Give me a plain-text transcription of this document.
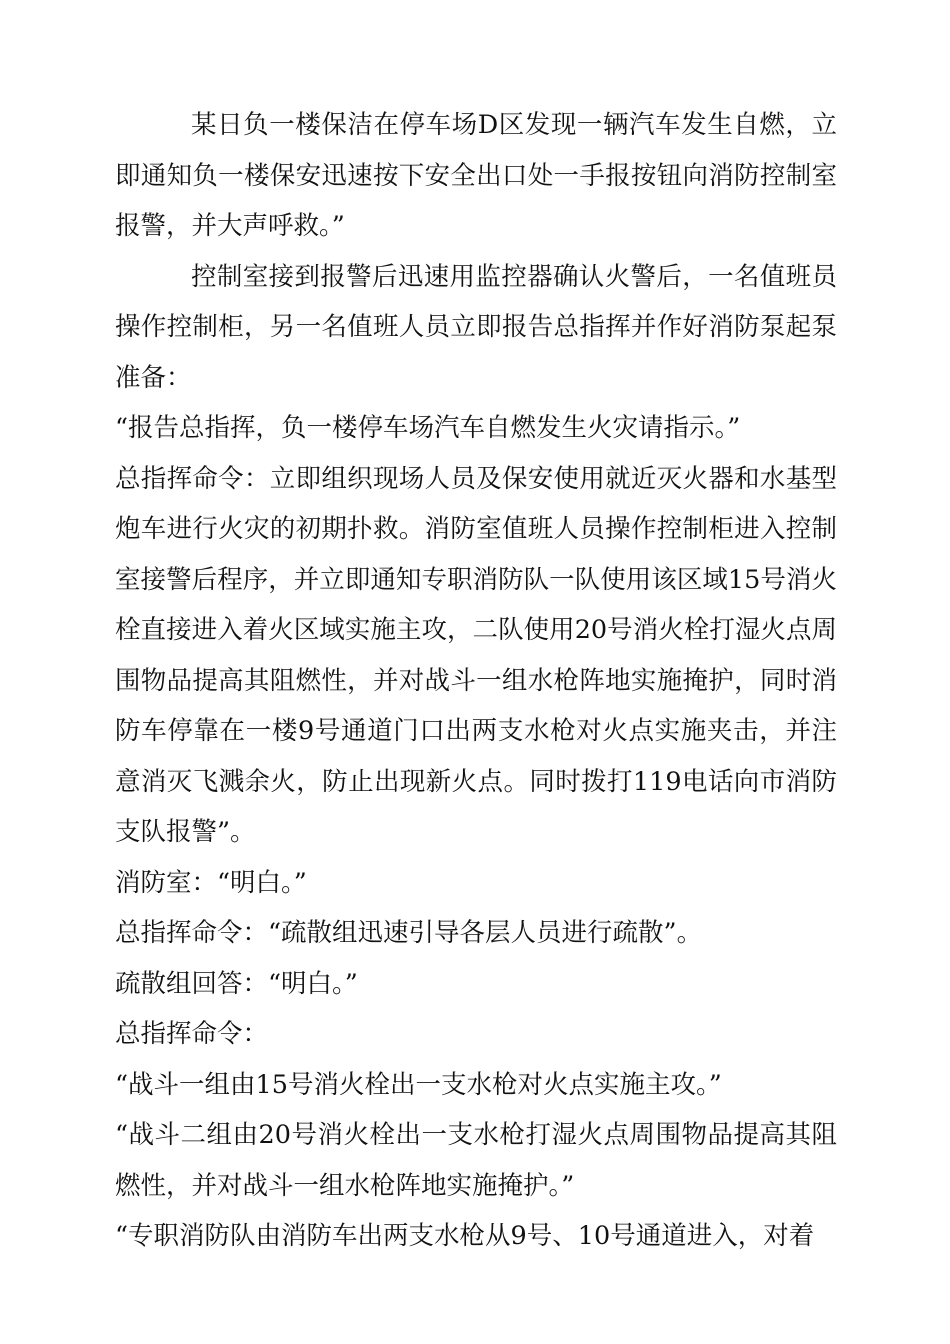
某日负一楼保洁在停车场D区发现一辆汽车发生自燃，立即通知负一楼保安迅速按下安全出口处一手报按钮向消防控制室报警，并大声呼救。”

控制室接到报警后迅速用监控器确认火警后，一名值班员操作控制柜，另一名值班人员立即报告总指挥并作好消防泵起泵准备：

“报告总指挥，负一楼停车场汽车自燃发生火灾请指示。”

总指挥命令：立即组织现场人员及保安使用就近灭火器和水基型炮车进行火灾的初期扑救。消防室值班人员操作控制柜进入控制室接警后程序，并立即通知专职消防队一队使用该区域15号消火栓直接进入着火区域实施主攻，二队使用20号消火栓打湿火点周围物品提高其阻燃性，并对战斗一组水枪阵地实施掩护，同时消防车停靠在一楼9号通道门口出两支水枪对火点实施夹击，并注意消灭飞溅余火，防止出现新火点。同时拨打119电话向市消防支队报警”。

消防室：“明白。”

总指挥命令：“疏散组迅速引导各层人员进行疏散”。

疏散组回答：“明白。”

总指挥命令：

“战斗一组由15号消火栓出一支水枪对火点实施主攻。”

“战斗二组由20号消火栓出一支水枪打湿火点周围物品提高其阻燃性，并对战斗一组水枪阵地实施掩护。”

“专职消防队由消防车出两支水枪从9号、10号通道进入，对着
